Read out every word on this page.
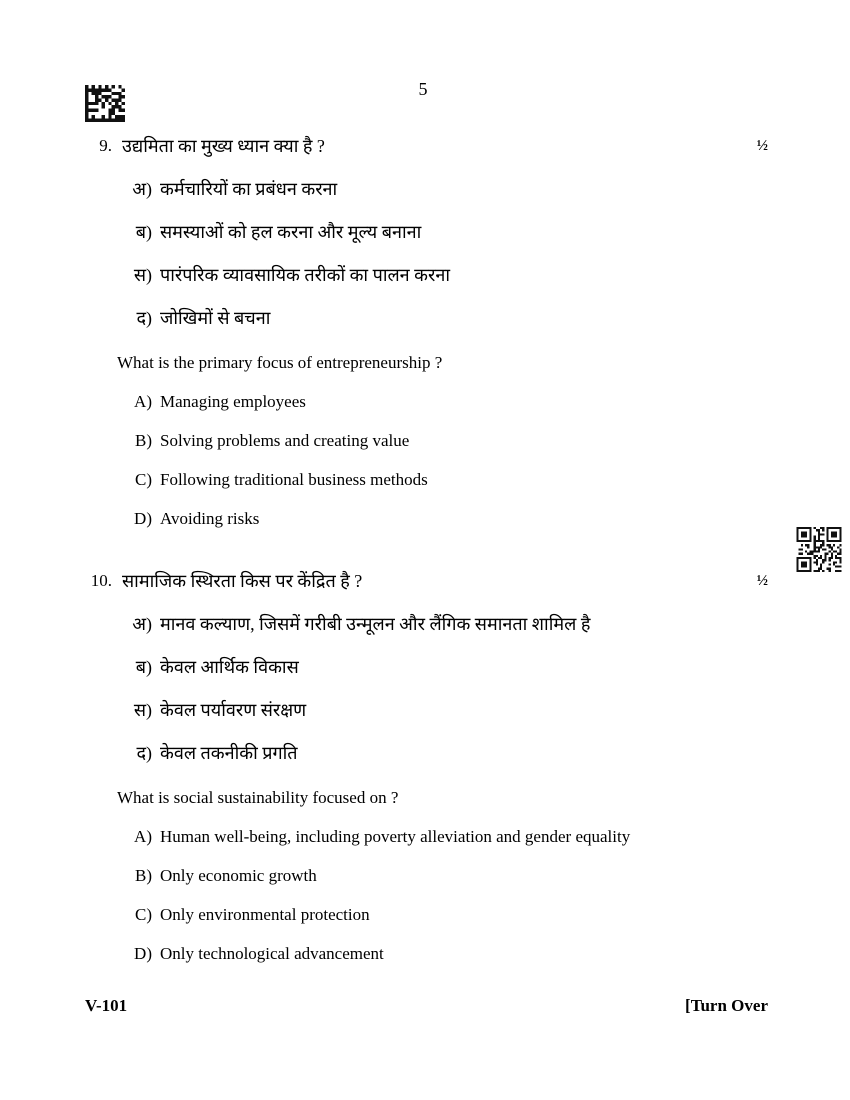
5
9. उद्यमिता का मुख्य ध्यान क्या है ?	½
अ) कर्मचारियों का प्रबंधन करना
ब) समस्याओं को हल करना और मूल्य बनाना
स) पारंपरिक व्यावसायिक तरीकों का पालन करना
द) जोखिमों से बचना
What is the primary focus of entrepreneurship ?
A) Managing employees
B) Solving problems and creating value
C) Following traditional business methods
D) Avoiding risks
10. सामाजिक स्थिरता किस पर केंद्रित है ?	½
अ) मानव कल्याण, जिसमें गरीबी उन्मूलन और लैंगिक समानता शामिल है
ब) केवल आर्थिक विकास
स) केवल पर्यावरण संरक्षण
द) केवल तकनीकी प्रगति
What is social sustainability focused on ?
A) Human well-being, including poverty alleviation and gender equality
B) Only economic growth
C) Only environmental protection
D) Only technological advancement
V-101	[Turn Over
